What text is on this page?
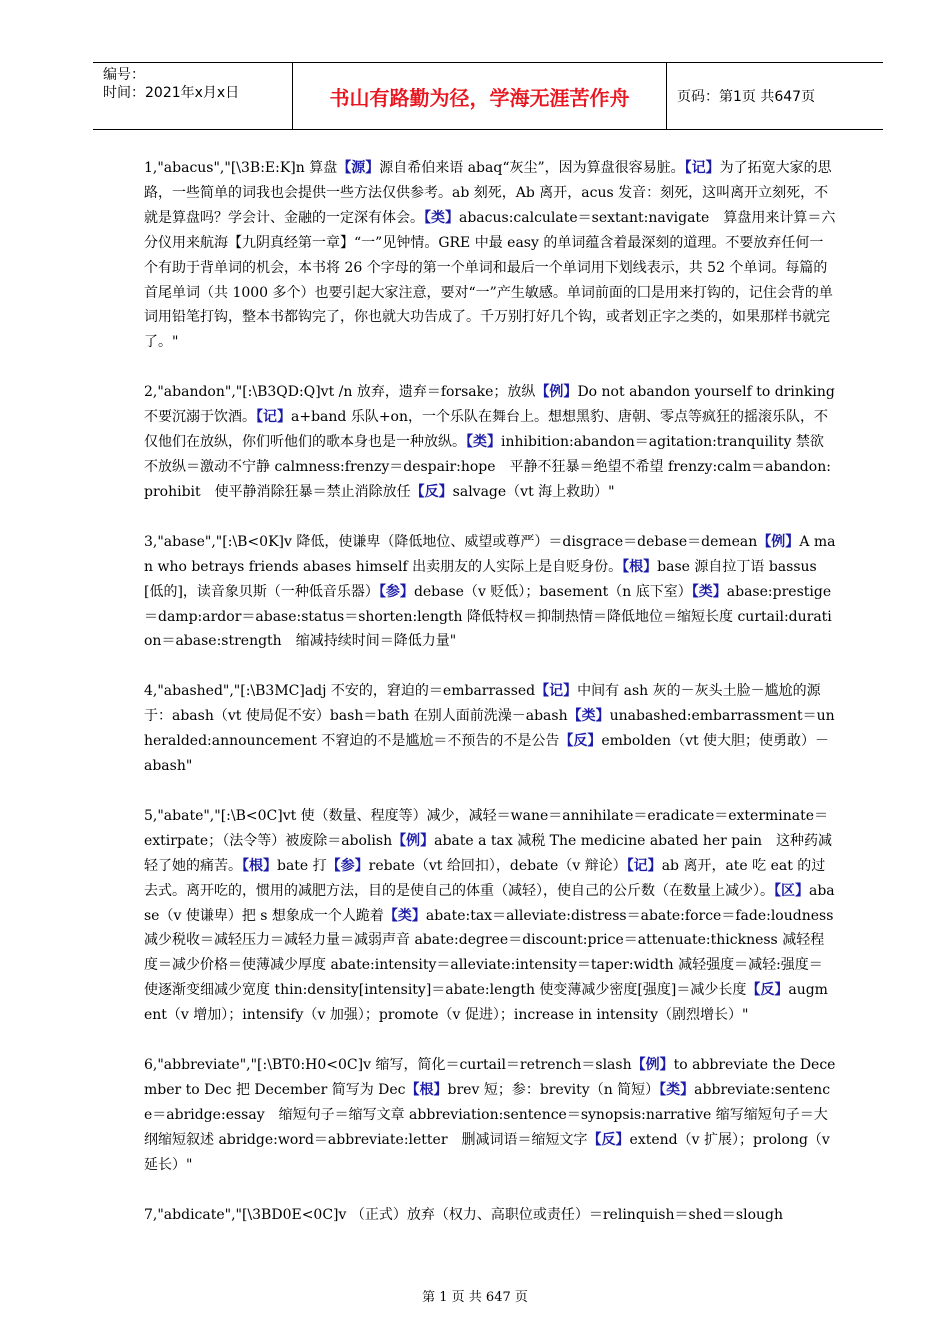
编号：
时间：2021年x月x日	书山有路勤为径，学海无涯苦作舟	页码：第1页 共647页

1,"abacus","[\3B:E:K]n 算盘【源】源自希伯来语 abaq“灰尘”，因为算盘很容易脏。【记】为了拓宽大家的思路，一些简单的词我也会提供一些方法仅供参考。ab 刻死，Ab 离开，acus 发音：刻死，这叫离开立刻死，不就是算盘吗？学会计、金融的一定深有体会。【类】abacus:calculate＝sextant:navigate　算盘用来计算＝六分仪用来航海【九阴真经第一章】“一”见钟情。GRE 中最 easy 的单词蕴含着最深刻的道理。不要放弃任何一个有助于背单词的机会，本书将 26 个字母的第一个单词和最后一个单词用下划线表示，共 52 个单词。每篇的首尾单词（共 1000 多个）也要引起大家注意，要对“一”产生敏感。单词前面的囗是用来打钩的，记住会背的单词用铅笔打钩，整本书都钩完了，你也就大功告成了。千万别打好几个钩，或者划正字之类的，如果那样书就完了。"

2,"abandon","[:\B3QD:Q]vt /n 放弃，遗弃＝forsake；放纵【例】Do not abandon yourself to drinking 不要沉溺于饮酒。【记】a+band 乐队+on，一个乐队在舞台上。想想黑豹、唐朝、零点等疯狂的摇滚乐队，不仅他们在放纵，你们听他们的歌本身也是一种放纵。【类】inhibition:abandon＝agitation:tranquility 禁欲不放纵＝激动不宁静 calmness:frenzy＝despair:hope　平静不狂暴＝绝望不希望 frenzy:calm＝abandon:prohibit　使平静消除狂暴＝禁止消除放任【反】salvage（vt 海上救助）"

3,"abase","[:\B<0K]v 降低，使谦卑（降低地位、威望或尊严）＝disgrace＝debase＝demean【例】A man who betrays friends abases himself 出卖朋友的人实际上是自贬身份。【根】base 源自拉丁语 bassus[低的]，读音象贝斯（一种低音乐器）【参】debase（v 贬低）；basement（n 底下室）【类】abase:prestige＝damp:ardor＝abase:status＝shorten:length 降低特权＝抑制热情＝降低地位＝缩短长度 curtail:duration＝abase:strength　缩减持续时间＝降低力量"

4,"abashed","[:\B3MC]adj 不安的，窘迫的＝embarrassed【记】中间有 ash 灰的－灰头土脸－尴尬的源于：abash（vt 使局促不安）bash＝bath 在别人面前洗澡－abash【类】unabashed:embarrassment＝unheralded:announcement 不窘迫的不是尴尬＝不预告的不是公告【反】embolden（vt 使大胆；使勇敢）－abash"

5,"abate","[:\B<0C]vt 使（数量、程度等）减少，减轻＝wane＝annihilate＝eradicate＝exterminate＝extirpate；（法令等）被废除＝abolish【例】abate a tax 减税 The medicine abated her pain　这种药减轻了她的痛苦。【根】bate 打【参】rebate（vt 给回扣），debate（v 辩论）【记】ab 离开，ate 吃 eat 的过去式。离开吃的，惯用的减肥方法，目的是使自己的体重（减轻），使自己的公斤数（在数量上减少）。【区】abase（v 使谦卑）把 s 想象成一个人跪着【类】abate:tax＝alleviate:distress＝abate:force＝fade:loudness 减少税收＝减轻压力＝减轻力量＝减弱声音 abate:degree＝discount:price＝attenuate:thickness 减轻程度＝减少价格＝使薄减少厚度 abate:intensity＝alleviate:intensity＝taper:width 减轻强度＝减轻:强度＝使逐渐变细减少宽度 thin:density[intensity]＝abate:length 使变薄减少密度[强度]＝减少长度【反】augment（v 增加）；intensify（v 加强）；promote（v 促进）；increase in intensity（剧烈增长）"

6,"abbreviate","[:\BT0:H0<0C]v 缩写，简化＝curtail＝retrench＝slash【例】to abbreviate the December to Dec 把 December 简写为 Dec【根】brev 短；参：brevity（n 简短）【类】abbreviate:sentence＝abridge:essay　缩短句子＝缩写文章 abbreviation:sentence＝synopsis:narrative 缩写缩短句子＝大纲缩短叙述 abridge:word＝abbreviate:letter　删减词语＝缩短文字【反】extend（v 扩展）；prolong（v 延长）"

7,"abdicate","[\3BD0E<0C]v （正式）放弃（权力、高职位或责任）＝relinquish＝shed＝slough

第 1 页 共 647 页
